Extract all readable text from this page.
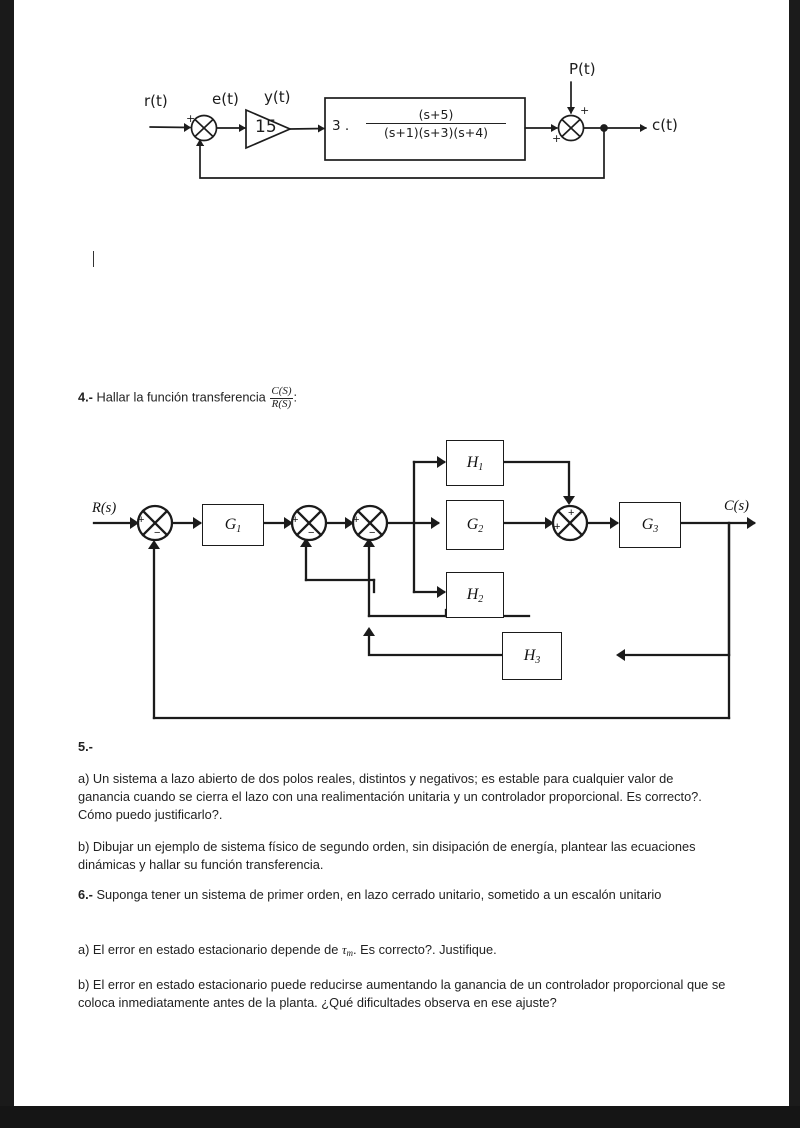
r(t)	e(t) y(t)
15
P(t)
c(t)
+
−
+
+
3 . $\frac{(s+5)}{(s+1)(s+3)(s+4)}$
4.- Hallar la función transferencia $\frac{C(S)}{R(S)}$ :
R(s)	C(s)
G1	G2	G3
H1
H2
H3
+
−
+
−
+
−
+
+
5.-
a) Un sistema a lazo abierto de dos polos reales, distintos y negativos; es estable para cualquier valor de ganancia cuando se cierra el lazo con una realimentación unitaria y un controlador proporcional. Es correcto?. Cómo puedo justificarlo?.
b) Dibujar un ejemplo de sistema físico de segundo orden, sin disipación de energía, plantear las ecuaciones dinámicas y hallar su función transferencia.
6.- Suponga tener un sistema de primer orden, en lazo cerrado unitario, sometido a un escalón unitario
a) El error en estado estacionario depende de $\tau_m$. Es correcto?. Justifique.
b) El error en estado estacionario puede reducirse aumentando la ganancia de un controlador proporcional que se coloca inmediatamente antes de la planta. ¿Qué dificultades observa en ese ajuste?
